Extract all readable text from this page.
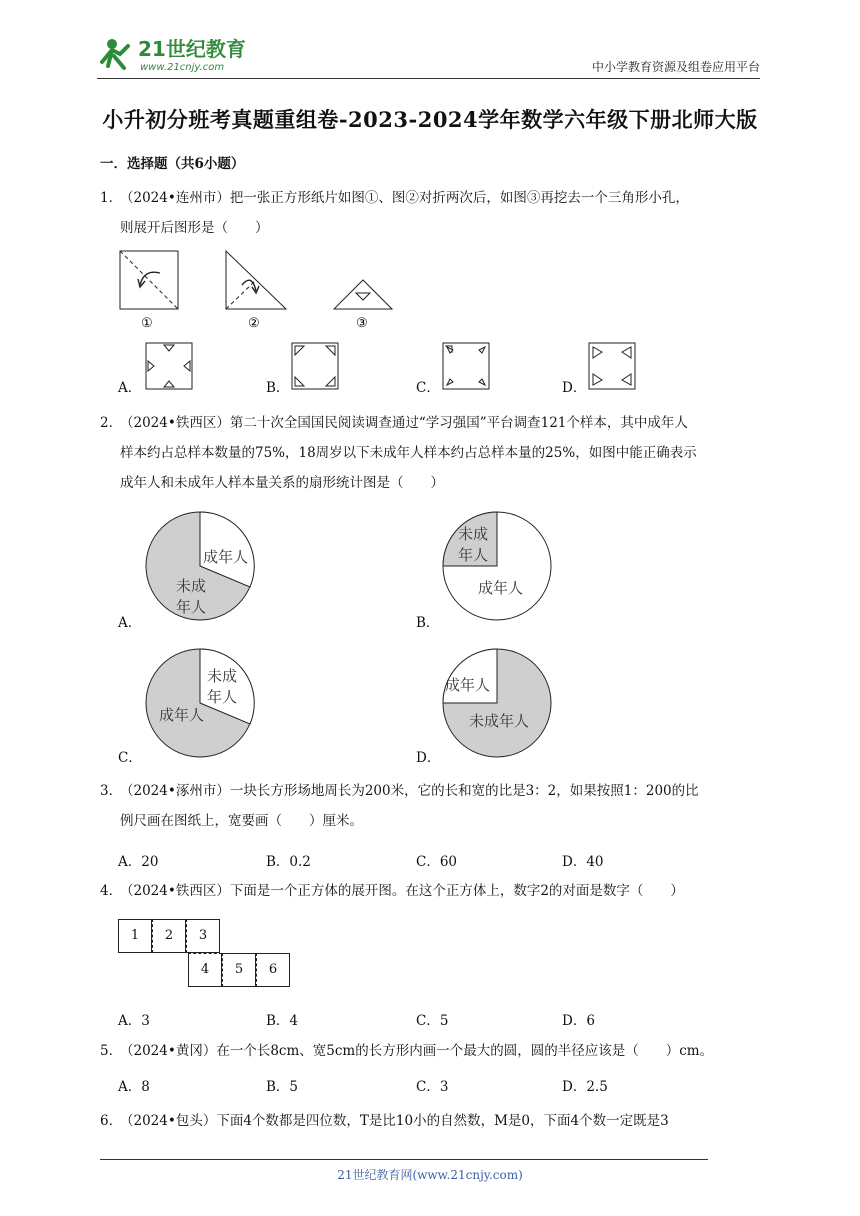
21世纪教育
www.21cnjy.com	中小学教育资源及组卷应用平台
小升初分班考真题重组卷-2023-2024学年数学六年级下册北师大版
一．选择题（共6小题）
1．（2024•连州市）把一张正方形纸片如图①、图②对折两次后，如图③再挖去一个三角形小孔，
则展开后图形是（　　）
①	②	③
A．	B．	C．	D．
2．（2024•铁西区）第二十次全国国民阅读调查通过“学习强国”平台调查121个样本，其中成年人
样本约占总样本数量的75%，18周岁以下未成年人样本约占总样本量的25%，如图中能正确表示
成年人和未成年人样本量关系的扇形统计图是（　　）
A．
成年人
未成
年人
B．
未成
年人
成年人
C．
未成
年人
成年人
D．
成年人
未成年人
3．（2024•涿州市）一块长方形场地周长为200米，它的长和宽的比是3：2，如果按照1：200的比
例尺画在图纸上，宽要画（　　）厘米。
A．20	B．0.2	C．60	D．40
4．（2024•铁西区）下面是一个正方体的展开图。在这个正方体上，数字2的对面是数字（　　）
1	2	3
4	5	6
A．3	B．4	C．5	D．6
5．（2024•黄冈）在一个长8cm、宽5cm的长方形内画一个最大的圆，圆的半径应该是（　　）cm。
A．8	B．5	C．3	D．2.5
6．（2024•包头）下面4个数都是四位数，T是比10小的自然数，M是0，下面4个数一定既是3
21世纪教育网(www.21cnjy.com)
